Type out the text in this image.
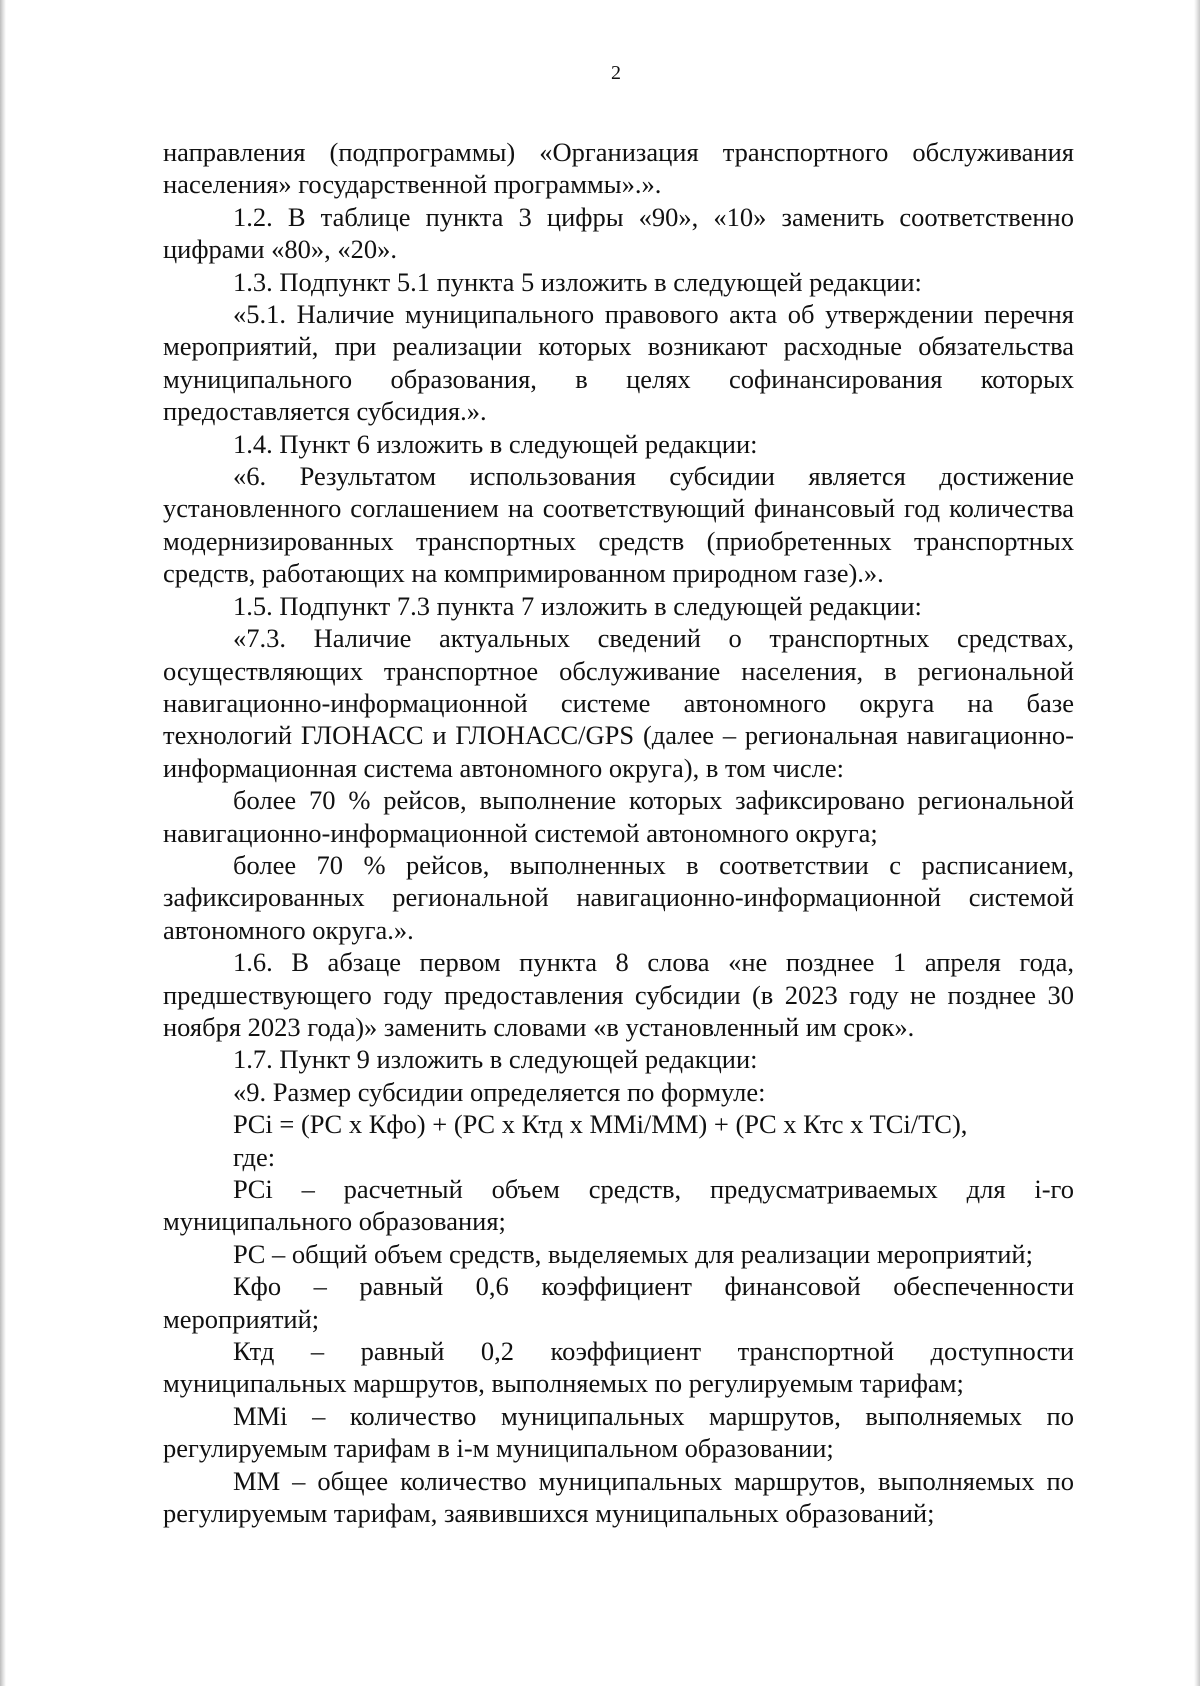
2

направления (подпрограммы) «Организация транспортного обслуживания населения» государственной программы».».

1.2. В таблице пункта 3 цифры «90», «10» заменить соответственно цифрами «80», «20».

1.3. Подпункт 5.1 пункта 5 изложить в следующей редакции:

«5.1. Наличие муниципального правового акта об утверждении перечня мероприятий, при реализации которых возникают расходные обязательства муниципального образования, в целях софинансирования которых предоставляется субсидия.».

1.4. Пункт 6 изложить в следующей редакции:

«6. Результатом использования субсидии является достижение установленного соглашением на соответствующий финансовый год количества модернизированных транспортных средств (приобретенных транспортных средств, работающих на компримированном природном газе).».

1.5. Подпункт 7.3 пункта 7 изложить в следующей редакции:

«7.3. Наличие актуальных сведений о транспортных средствах, осуществляющих транспортное обслуживание населения, в региональной навигационно-информационной системе автономного округа на базе технологий ГЛОНАСС и ГЛОНАСС/GPS (далее – региональная навигационно-информационная система автономного округа), в том числе:

более 70 % рейсов, выполнение которых зафиксировано региональной навигационно-информационной системой автономного округа;

более 70 % рейсов, выполненных в соответствии с расписанием, зафиксированных региональной навигационно-информационной системой автономного округа.».

1.6. В абзаце первом пункта 8 слова «не позднее 1 апреля года, предшествующего году предоставления субсидии (в 2023 году не позднее 30 ноября 2023 года)» заменить словами «в установленный им срок».

1.7. Пункт 9 изложить в следующей редакции:

«9. Размер субсидии определяется по формуле:

PCi = (PC x Кфо) + (PC x Ктд x MMi/MM) + (PC x Ктс x TCi/TC),

где:

PCi – расчетный объем средств, предусматриваемых для i-го муниципального образования;

PC – общий объем средств, выделяемых для реализации мероприятий;

Кфо – равный 0,6 коэффициент финансовой обеспеченности мероприятий;

Ктд – равный 0,2 коэффициент транспортной доступности муниципальных маршрутов, выполняемых по регулируемым тарифам;

MMi – количество муниципальных маршрутов, выполняемых по регулируемым тарифам в i-м муниципальном образовании;

MM – общее количество муниципальных маршрутов, выполняемых по регулируемым тарифам, заявившихся муниципальных образований;
